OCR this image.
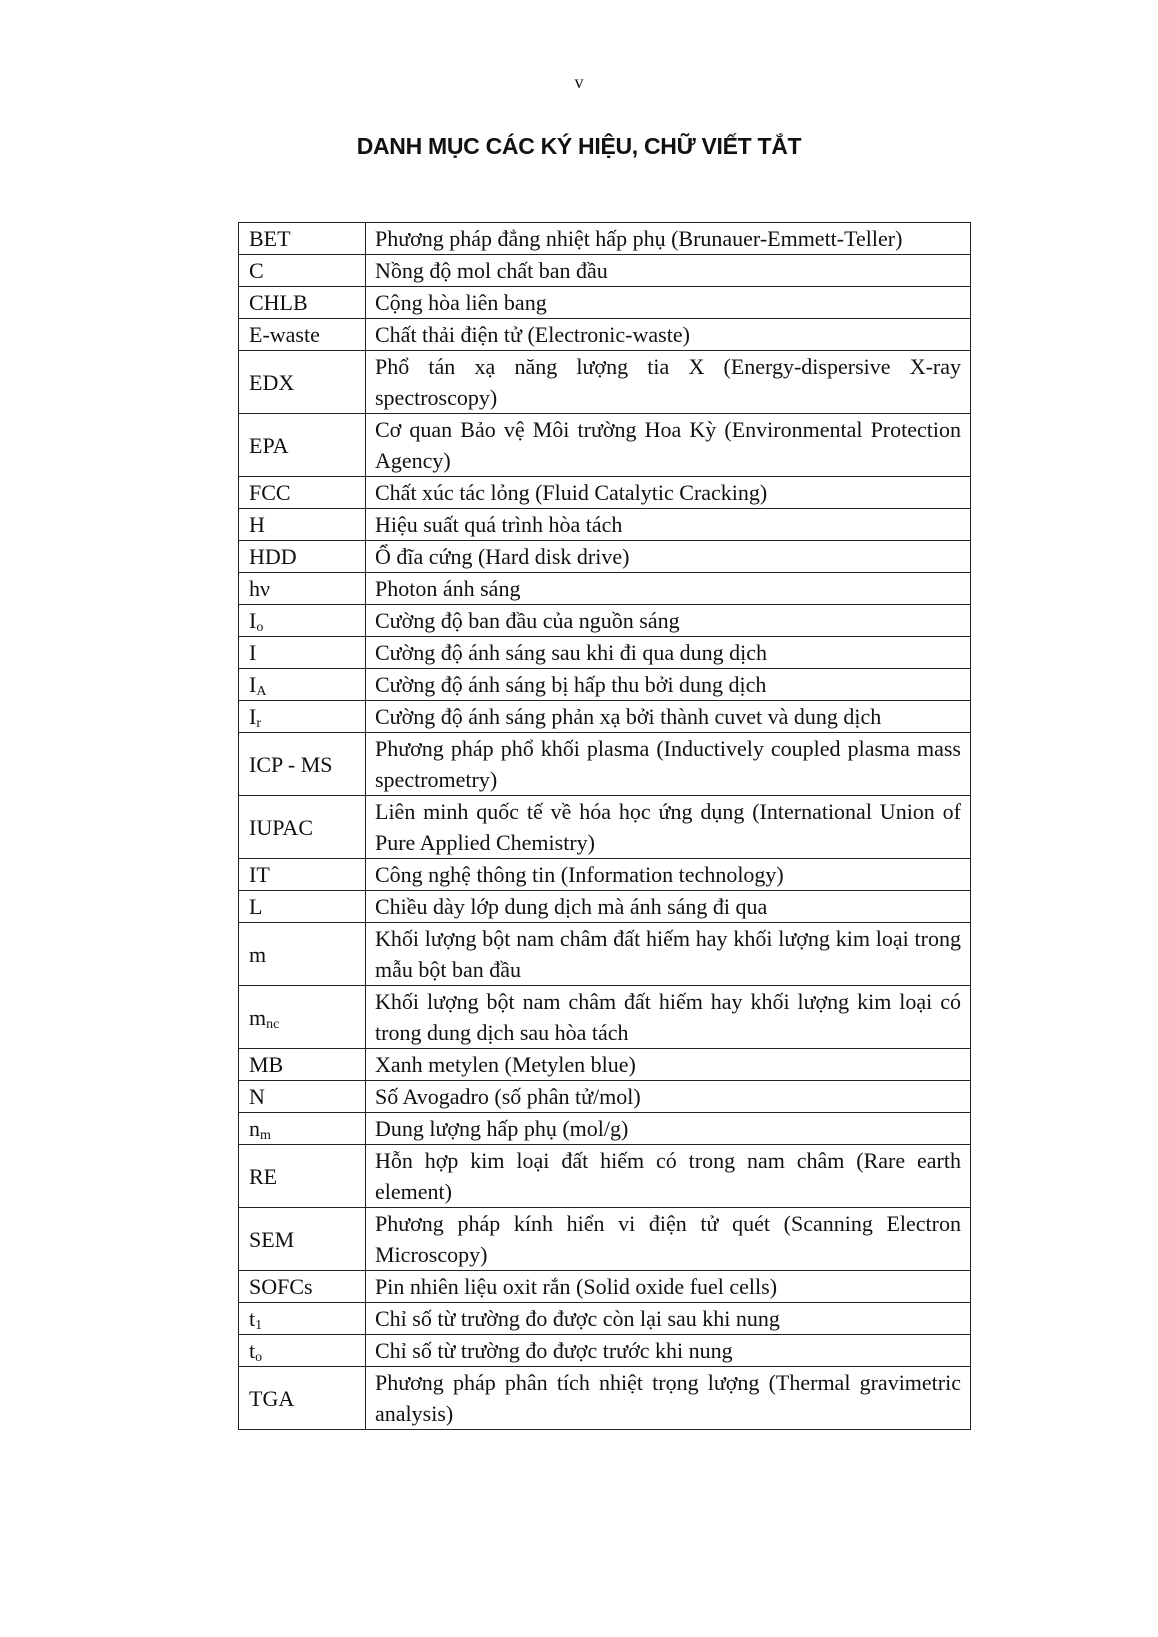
v
DANH MỤC CÁC KÝ HIỆU, CHỮ VIẾT TẮT
BET	Phương pháp đẳng nhiệt hấp phụ (Brunauer-Emmett-Teller)
C	Nồng độ mol chất ban đầu
CHLB	Cộng hòa liên bang
E-waste	Chất thải điện tử (Electronic-waste)
EDX	Phổ tán xạ năng lượng tia X (Energy-dispersive X-ray spectroscopy)
EPA	Cơ quan Bảo vệ Môi trường Hoa Kỳ (Environmental Protection Agency)
FCC	Chất xúc tác lỏng (Fluid Catalytic Cracking)
H	Hiệu suất quá trình hòa tách
HDD	Ổ đĩa cứng (Hard disk drive)
hν	Photon ánh sáng
$I_o$	Cường độ ban đầu của nguồn sáng
I	Cường độ ánh sáng sau khi đi qua dung dịch
$I_A$	Cường độ ánh sáng bị hấp thu bởi dung dịch
$I_r$	Cường độ ánh sáng phản xạ bởi thành cuvet và dung dịch
ICP - MS	Phương pháp phổ khối plasma (Inductively coupled plasma mass spectrometry)
IUPAC	Liên minh quốc tế về hóa học ứng dụng (International Union of Pure Applied Chemistry)
IT	Công nghệ thông tin (Information technology)
L	Chiều dày lớp dung dịch mà ánh sáng đi qua
m	Khối lượng bột nam châm đất hiếm hay khối lượng kim loại trong mẫu bột ban đầu
$m_{nc}$	Khối lượng bột nam châm đất hiếm hay khối lượng kim loại có trong dung dịch sau hòa tách
MB	Xanh metylen (Metylen blue)
N	Số Avogadro (số phân tử/mol)
$n_m$	Dung lượng hấp phụ (mol/g)
RE	Hỗn hợp kim loại đất hiếm có trong nam châm (Rare earth element)
SEM	Phương pháp kính hiển vi điện tử quét (Scanning Electron Microscopy)
SOFCs	Pin nhiên liệu oxit rắn (Solid oxide fuel cells)
$t_1$	Chỉ số từ trường đo được còn lại sau khi nung
$t_o$	Chỉ số từ trường đo được trước khi nung
TGA	Phương pháp phân tích nhiệt trọng lượng (Thermal gravimetric analysis)
